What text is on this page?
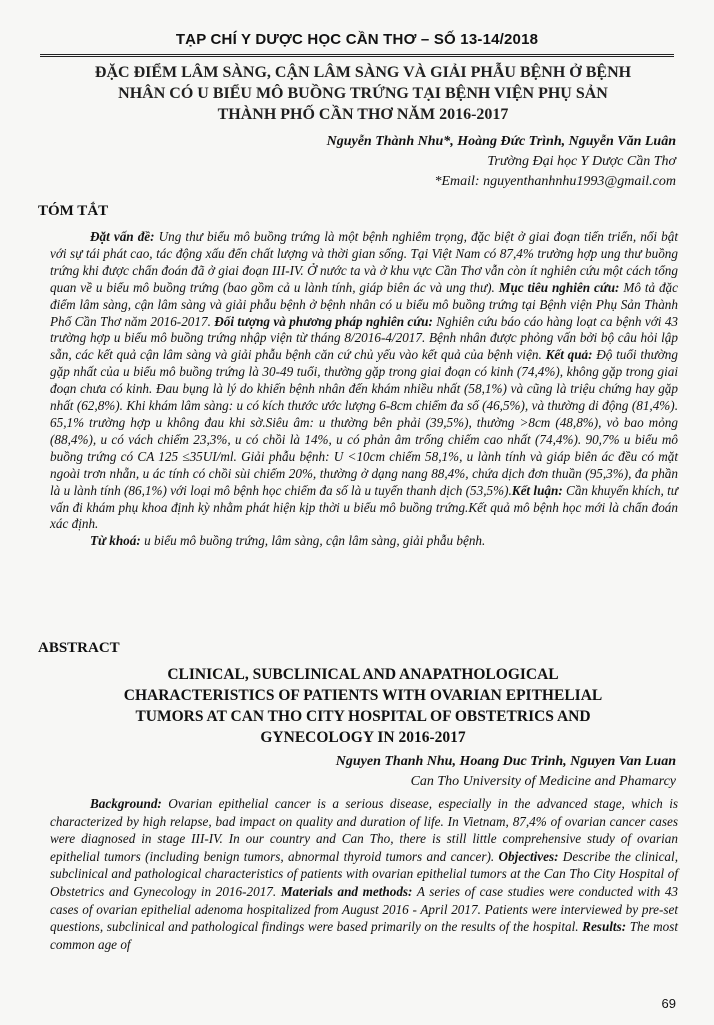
TẠP CHÍ Y DƯỢC HỌC CẦN THƠ – SỐ 13-14/2018
ĐẶC ĐIỂM LÂM SÀNG, CẬN LÂM SÀNG VÀ GIẢI PHẪU BỆNH Ở BỆNH
NHÂN CÓ U BIỂU MÔ BUỒNG TRỨNG TẠI BỆNH VIỆN PHỤ SẢN
THÀNH PHỐ CẦN THƠ NĂM 2016-2017
Nguyễn Thành Nhu*, Hoàng Đức Trình, Nguyễn Văn Luân
Trường Đại học Y Dược Cần Thơ
*Email: nguyenthanhnhu1993@gmail.com
TÓM TẮT

Đặt vấn đề: Ung thư biểu mô buồng trứng là một bệnh nghiêm trọng, đặc biệt ở giai đoạn tiến triển, nổi bật với sự tái phát cao, tác động xấu đến chất lượng và thời gian sống. Tại Việt Nam có 87,4% trường hợp ung thư buồng trứng khi được chẩn đoán đã ở giai đoạn III-IV. Ở nước ta và ở khu vực Cần Thơ vẫn còn ít nghiên cứu một cách tổng quan về u biểu mô buồng trứng (bao gồm cả u lành tính, giáp biên ác và ung thư). Mục tiêu nghiên cứu: Mô tả đặc điểm lâm sàng, cận lâm sàng và giải phẫu bệnh ở bệnh nhân có u biểu mô buồng trứng tại Bệnh viện Phụ Sản Thành Phố Cần Thơ năm 2016-2017. Đối tượng và phương pháp nghiên cứu: Nghiên cứu báo cáo hàng loạt ca bệnh với 43 trường hợp u biểu mô buồng trứng nhập viện từ tháng 8/2016-4/2017. Bệnh nhân được phỏng vấn bởi bộ câu hỏi lập sẵn, các kết quả cận lâm sàng và giải phẫu bệnh căn cứ chủ yếu vào kết quả của bệnh viện. Kết quả: Độ tuổi thường gặp nhất của u biểu mô buồng trứng là 30-49 tuổi, thường gặp trong giai đoạn có kinh (74,4%), không gặp trong giai đoạn chưa có kinh. Đau bụng là lý do khiến bệnh nhân đến khám nhiều nhất (58,1%) và cũng là triệu chứng hay gặp nhất (62,8%). Khi khám lâm sàng: u có kích thước ước lượng 6-8cm chiếm đa số (46,5%), và thường di động (81,4%). 65,1% trường hợp u không đau khi sờ.Siêu âm: u thường bên phải (39,5%), thường >8cm (48,8%), vỏ bao mỏng (88,4%), u có vách chiếm 23,3%, u có chồi là 14%, u có phản âm trống chiếm cao nhất (74,4%). 90,7% u biểu mô buồng trứng có CA 125 ≤35UI/ml. Giải phẫu bệnh: U <10cm chiếm 58,1%, u lành tính và giáp biên ác đều có mặt ngoài trơn nhẵn, u ác tính có chồi sùi chiếm 20%, thường ở dạng nang 88,4%, chứa dịch đơn thuần (95,3%), đa phần là u lành tính (86,1%) với loại mô bệnh học chiếm đa số là u tuyến thanh dịch (53,5%).Kết luận: Cần khuyến khích, tư vấn đi khám phụ khoa định kỳ nhằm phát hiện kịp thời u biểu mô buồng trứng.Kết quả mô bệnh học mới là chẩn đoán xác định.

Từ khoá: u biểu mô buồng trứng, lâm sàng, cận lâm sàng, giải phẫu bệnh.

ABSTRACT
CLINICAL, SUBCLINICAL AND ANAPATHOLOGICAL
CHARACTERISTICS OF PATIENTS WITH OVARIAN EPITHELIAL
TUMORS AT CAN THO CITY HOSPITAL OF OBSTETRICS AND
GYNECOLOGY IN 2016-2017
Nguyen Thanh Nhu, Hoang Duc Trinh, Nguyen Van Luan
Can Tho University of Medicine and Phamarcy

Background: Ovarian epithelial cancer is a serious disease, especially in the advanced stage, which is characterized by high relapse, bad impact on quality and duration of life. In Vietnam, 87,4% of ovarian cancer cases were diagnosed in stage III-IV. In our country and Can Tho, there is still little comprehensive study of ovarian epithelial tumors (including benign tumors, abnormal thyroid tumors and cancer). Objectives: Describe the clinical, subclinical and pathological characteristics of patients with ovarian epithelial tumors at the Can Tho City Hospital of Obstetrics and Gynecology in 2016-2017. Materials and methods: A series of case studies were conducted with 43 cases of ovarian epithelial adenoma hospitalized from August 2016 - April 2017. Patients were interviewed by pre-set questions, subclinical and pathological findings were based primarily on the results of the hospital. Results: The most common age of

69
